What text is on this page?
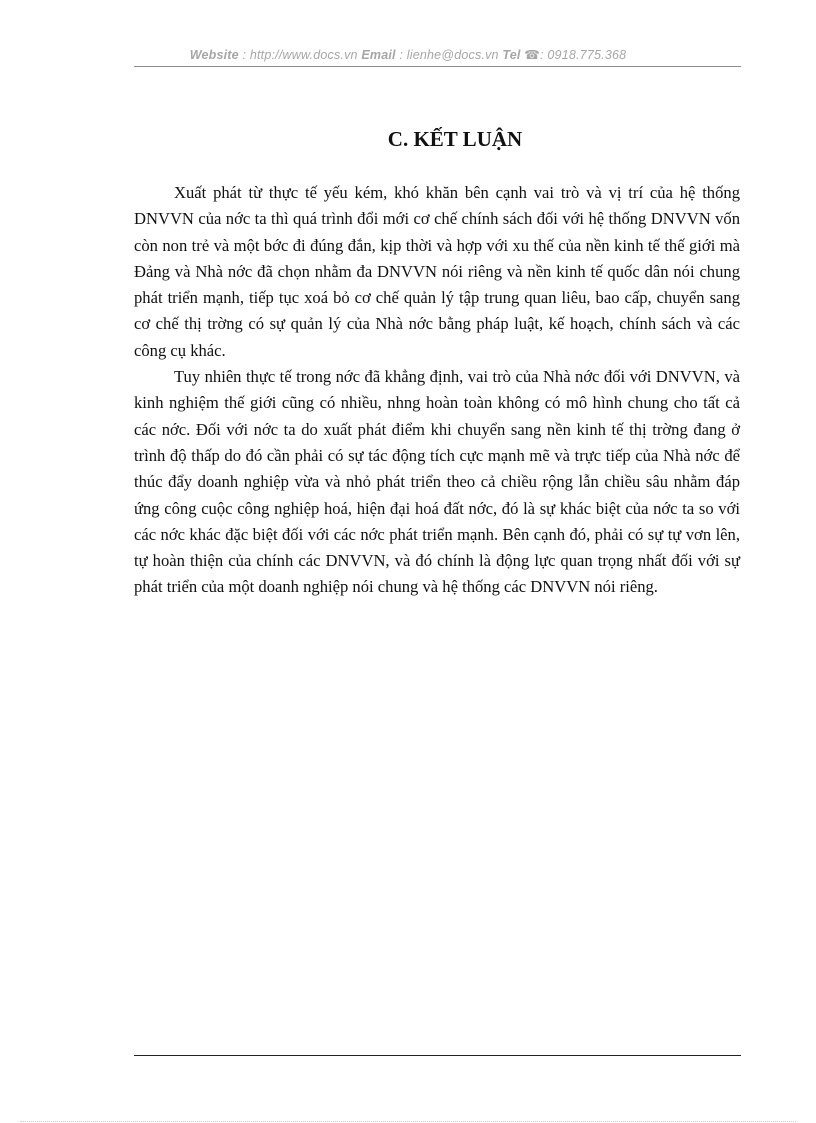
Website : http://www.docs.vn Email : lienhe@docs.vn Tel ☎: 0918.775.368
C. KẾT LUẬN

Xuất phát từ thực tế yếu kém, khó khăn bên cạnh vai trò và vị trí của hệ thống DNVVN của nớc ta thì quá trình đổi mới cơ chế chính sách đối với hệ thống DNVVN vốn còn non trẻ và một bớc đi đúng đắn, kịp thời và hợp với xu thế của nền kinh tế thế giới mà Đảng và Nhà nớc đã chọn nhằm đa DNVVN nói riêng và nền kinh tế quốc dân nói chung phát triển mạnh, tiếp tục xoá bỏ cơ chế quản lý tập trung quan liêu, bao cấp, chuyển sang cơ chế thị trờng có sự quản lý của Nhà nớc bằng pháp luật, kế hoạch, chính sách và các công cụ khác.

Tuy nhiên thực tế trong nớc đã khẳng định, vai trò của Nhà nớc đối với DNVVN, và kinh nghiệm thế giới cũng có nhiều, nhng hoàn toàn không có mô hình chung cho tất cả các nớc. Đối với nớc ta do xuất phát điểm khi chuyển sang nền kinh tế thị trờng đang ở trình độ thấp do đó cần phải có sự tác động tích cực mạnh mẽ và trực tiếp của Nhà nớc để thúc đẩy doanh nghiệp vừa và nhỏ phát triển theo cả chiều rộng lẫn chiều sâu nhằm đáp ứng công cuộc công nghiệp hoá, hiện đại hoá đất nớc, đó là sự khác biệt của nớc ta so với các nớc khác đặc biệt đối với các nớc phát triển mạnh. Bên cạnh đó, phải có sự tự vơn lên, tự hoàn thiện của chính các DNVVN, và đó chính là động lực quan trọng nhất đối với sự phát triển của một doanh nghiệp nói chung và hệ thống các DNVVN nói riêng.
